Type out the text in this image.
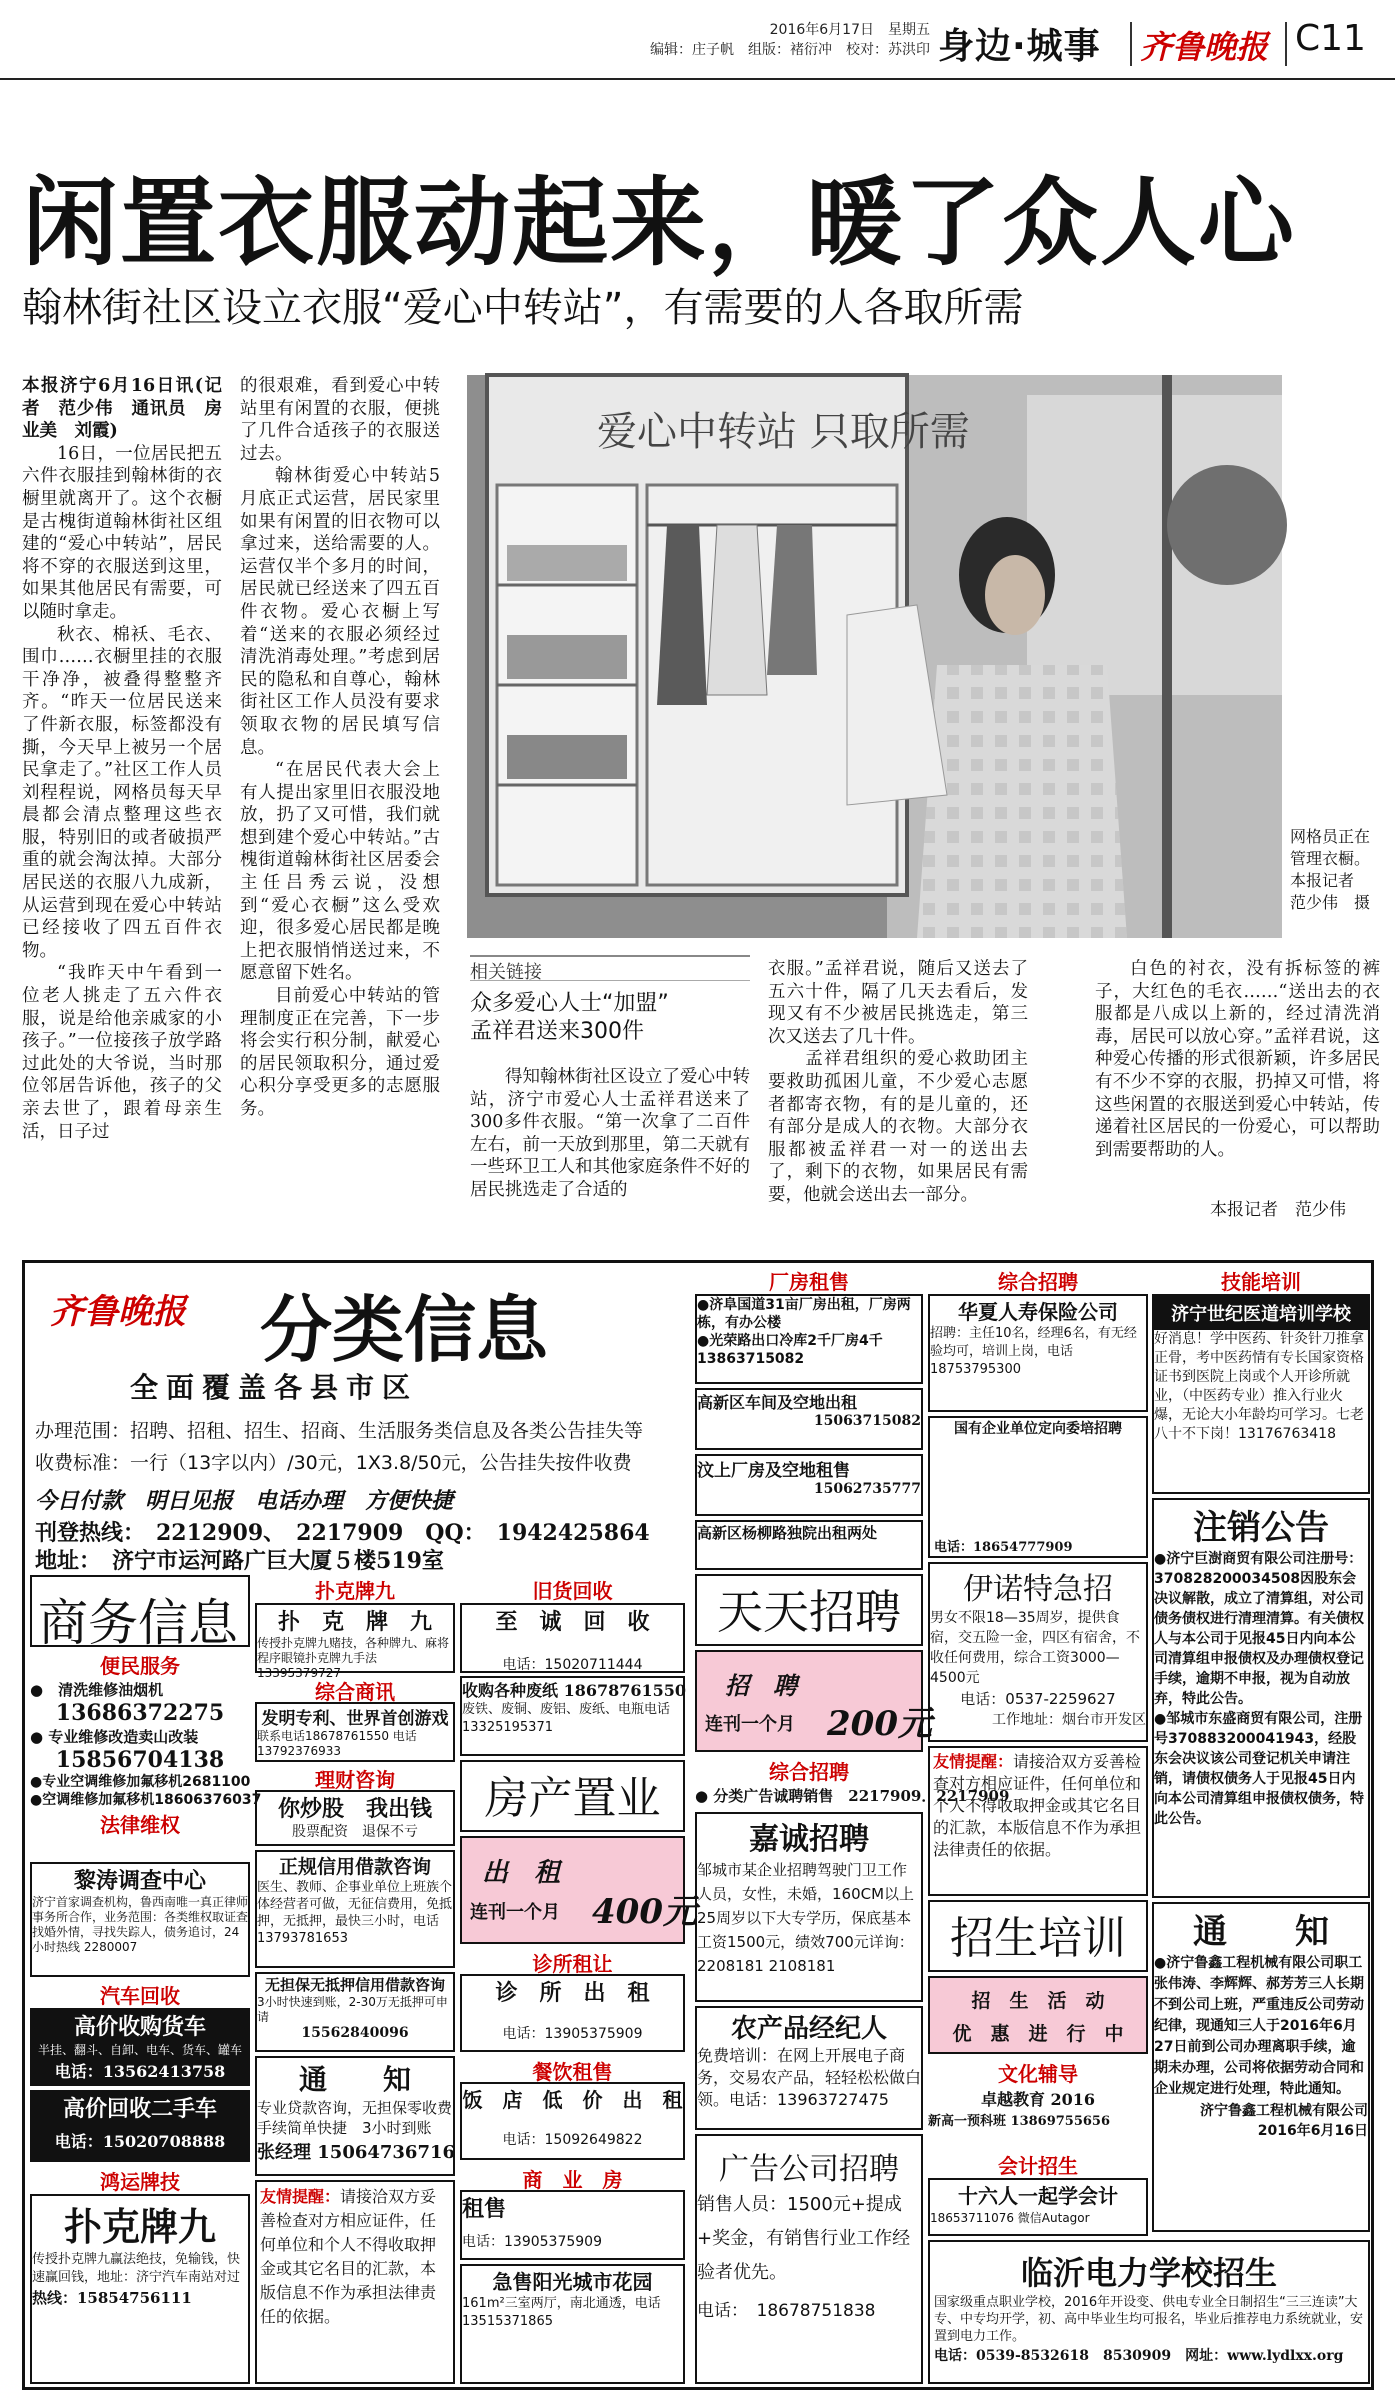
2016年6月17日　星期五
编辑：庄子帆　组版：褚衍冲　校对：苏洪印 身边·城事 齐鲁晚报 C11
闲置衣服动起来，暖了众人心
翰林街社区设立衣服“爱心中转站”，有需要的人各取所需

本报济宁6月16日讯(记者　范少伟　通讯员　房业美　刘霞)

16日，一位居民把五六件衣服挂到翰林街的衣橱里就离开了。这个衣橱是古槐街道翰林街社区组建的“爱心中转站”，居民将不穿的衣服送到这里，如果其他居民有需要，可以随时拿走。

秋衣、棉袄、毛衣、围巾……衣橱里挂的衣服干净净，被叠得整整齐齐。“昨天一位居民送来了件新衣服，标签都没有撕，今天早上被另一个居民拿走了。”社区工作人员刘程程说，网格员每天早晨都会清点整理这些衣服，特别旧的或者破损严重的就会淘汰掉。大部分居民送的衣服八九成新，从运营到现在爱心中转站已经接收了四五百件衣物。

“我昨天中午看到一位老人挑走了五六件衣服，说是给他亲戚家的小孩子。”一位接孩子放学路过此处的大爷说，当时那位邻居告诉他，孩子的父亲去世了，跟着母亲生活，日子过

的很艰难，看到爱心中转站里有闲置的衣服，便挑了几件合适孩子的衣服送过去。

翰林街爱心中转站5月底正式运营，居民家里如果有闲置的旧衣物可以拿过来，送给需要的人。运营仅半个多月的时间，居民就已经送来了四五百件衣物。爱心衣橱上写着“送来的衣服必须经过清洗消毒处理。”考虑到居民的隐私和自尊心，翰林街社区工作人员没有要求领取衣物的居民填写信息。

“在居民代表大会上有人提出家里旧衣服没地放，扔了又可惜，我们就想到建个爱心中转站。”古槐街道翰林街社区居委会主任吕秀云说，没想到“爱心衣橱”这么受欢迎，很多爱心居民都是晚上把衣服悄悄送过来，不愿意留下姓名。

目前爱心中转站的管理制度正在完善，下一步将会实行积分制，献爱心的居民领取积分，通过爱心积分享受更多的志愿服务。

爱心中转站 只取所需
网格员正在管理衣橱。本报记者　范少伟　摄
相关链接
众多爱心人士“加盟”
孟祥君送来300件
得知翰林街社区设立了爱心中转站，济宁市爱心人士孟祥君送来了300多件衣服。“第一次拿了二百件左右，前一天放到那里，第二天就有一些环卫工人和其他家庭条件不好的居民挑选走了合适的
衣服。”孟祥君说，随后又送去了五六十件，隔了几天去看后，发现又有不少被居民挑选走，第三次又送去了几十件。
　　孟祥君组织的爱心救助团主要救助孤困儿童，不少爱心志愿者都寄衣物，有的是儿童的，还有部分是成人的衣物。大部分衣服都被孟祥君一对一的送出去了，剩下的衣物，如果居民有需要，他就会送出去一部分。
白色的衬衣，没有拆标签的裤子，大红色的毛衣……“送出去的衣服都是八成以上新的，经过清洗消毒，居民可以放心穿。”孟祥君说，这种爱心传播的形式很新颖，许多居民有不少不穿的衣服，扔掉又可惜，将这些闲置的衣服送到爱心中转站，传递着社区居民的一份爱心，可以帮助到需要帮助的人。
本报记者　范少伟
齐鲁晚报 分类信息
全面覆盖各县市区
办理范围：招聘、招租、招生、招商、生活服务类信息及各类公告挂失等
收费标准：一行（13字以内）/30元，1X3.8/50元，公告挂失按件收费
今日付款　明日见报　电话办理　方便快捷
刊登热线：　2212909、　2217909　QQ：　1942425864
地址：　济宁市运河路广巨大厦５楼519室
商务信息
便民服务
●　清洗维修油烟机
13686372275
● 专业维修改造卖山改装
15856704138
●专业空调维修加氟移机2681100
●空调维修加氟移机18606376037
法律维权
黎涛调查中心
济宁首家调查机构，鲁西南唯一真正律师事务所合作，业务范围：各类维权取证查找婚外情，寻找失踪人，债务追讨，24小时热线 2280007
汽车回收
高价收购货车
半挂、翻斗、自卸、电车、货车、罐车
电话：13562413758
高价回收二手车
电话：15020708888
鸿运牌技
扑克牌九
传授扑克牌九赢法绝技，免输钱，快速赢回钱，地址：济宁汽车南站对过
热线：15854756111
扑克牌九
扑　克　牌　九
传授扑克牌九赌技，各种牌九、麻将程序眼镜扑克牌九手法 13395379727
综合商讯
发明专利、世界首创游戏
联系电话18678761550 电话13792376933
理财咨询
你炒股　我出钱
股票配资　退保不亏
正规信用借款咨询
医生、教师、企事业单位上班族个体经营者可做，无征信费用，免抵押，无抵押，最快三小时，电话13793781653
无担保无抵押信用借款咨询
3小时快速到账，2-30万无抵押可申请
15562840096
通　　知
专业贷款咨询，无担保零收费手续简单快捷　3小时到账
张经理 15064736716
友情提醒：请接洽双方妥善检查对方相应证件，任何单位和个人不得收取押金或其它名目的汇款，本版信息不作为承担法律责任的依据。
旧货回收
至　诚　回　收
电话：15020711444
收购各种废纸 18678761550
废铁、废铜、废铝、废纸、电瓶电话13325195371
房产置业
出　租
连刊一个月 400元
诊所租让
诊　所　出　租
电话：13905375909
餐饮租售
饭　店　低　价　出　租
电话：15092649822
商　业　房
租售
电话：13905375909
急售阳光城市花园
161m²三室两厅，南北通透，电话13515371865
厂房租售
●济阜国道31亩厂房出租，厂房两栋，有办公楼
●光荣路出口冷库2千厂房4千 13863715082
高新区车间及空地出租
15063715082
汶上厂房及空地租售
15062735777
高新区杨柳路独院出租两处
天天招聘
招　聘
连刊一个月 200元
综合招聘
● 分类广告诚聘销售　2217909．2217909
嘉诚招聘
邹城市某企业招聘驾驶门卫工作人员，女性，未婚，160CM以上25周岁以下大专学历，保底基本工资1500元，绩效700元详询：2208181 2108181
农产品经纪人
免费培训：在网上开展电子商务，交易农产品，轻轻松松做白领。电话：13963727475
广告公司招聘
销售人员：1500元+提成+奖金，有销售行业工作经验者优先。
电话：　18678751838
综合招聘
华夏人寿保险公司
招聘：主任10名，经理6名，有无经验均可，培训上岗，电话18753795300
国有企业单位定向委培招聘
电话：18654777909
伊诺特急招
男女不限18—35周岁，提供食宿，交五险一金，四区有宿舍，不收任何费用，综合工资3000—4500元
电话：0537-2259627
工作地址：烟台市开发区
友情提醒：请接洽双方妥善检查对方相应证件，任何单位和个人不得收取押金或其它名目的汇款，本版信息不作为承担法律责任的依据。
招生培训
招　生　活　动
优　惠　进　行　中
文化辅导
卓越教育 2016
新高一预科班 13869755656
会计招生
十六人一起学会计
18653711076 微信Autagor
技能培训
济宁世纪医道培训学校
好消息！学中医药、针灸针刀推拿正骨，考中医药情有专长国家资格证书到医院上岗或个人开诊所就业，（中医药专业）推入行业火爆，无论大小年龄均可学习。七老八十不下岗！13176763418
注销公告
●济宁巨澍商贸有限公司注册号：370828200034508因股东会决议解散，成立了清算组，对公司债务债权进行清理清算。有关债权人与本公司于见报45日内向本公司清算组申报债权及办理债权登记手续，逾期不申报，视为自动放弃，特此公告。
●邹城市东盛商贸有限公司，注册号370883200041943，经股东会决议该公司登记机关申请注销，请债权债务人于见报45日内向本公司清算组申报债权债务，特此公告。
通　　知
●济宁鲁鑫工程机械有限公司职工张伟涛、李辉辉、郝芳芳三人长期不到公司上班，严重违反公司劳动纪律，现通知三人于2016年6月27日前到公司办理离职手续，逾期未办理，公司将依据劳动合同和企业规定进行处理，特此通知。
济宁鲁鑫工程机械有限公司
2016年6月16日
临沂电力学校招生
国家级重点职业学校，2016年开设变、供电专业全日制招生“三三连读”大专、中专均开学，初、高中毕业生均可报名，毕业后推荐电力系统就业，安置到电力工作。
电话：0539-8532618　8530909　网址：www.lydlxx.org
